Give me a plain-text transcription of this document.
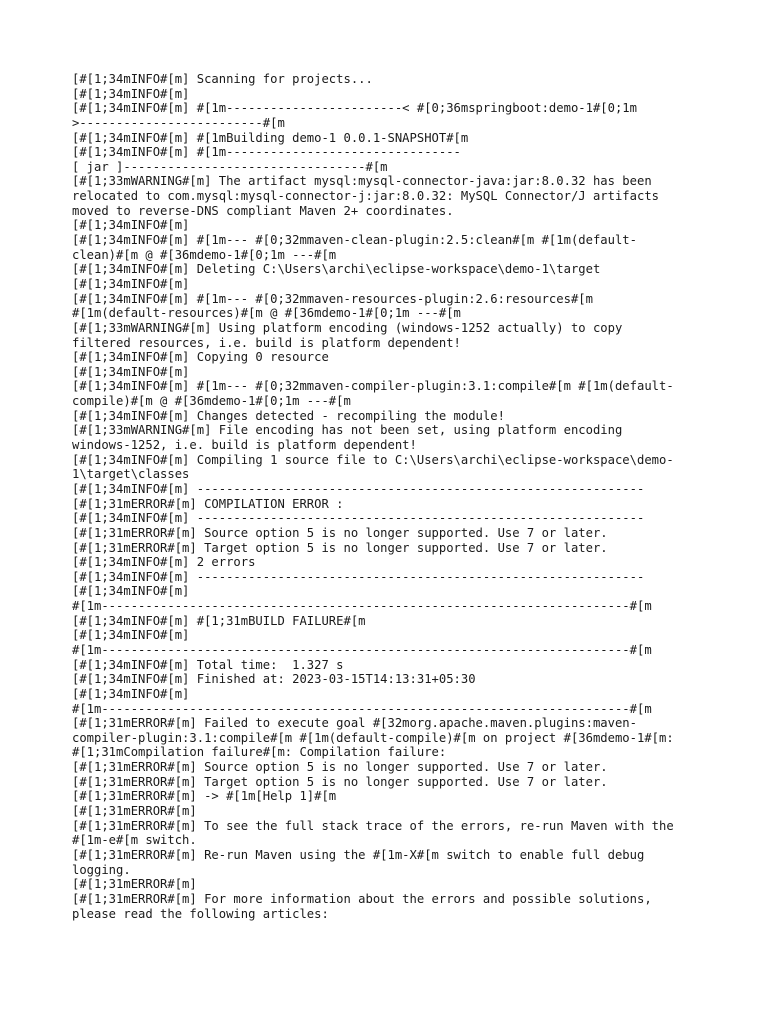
[#[1;34mINFO#[m] Scanning for projects...
[#[1;34mINFO#[m]
[#[1;34mINFO#[m] #[1m------------------------< #[0;36mspringboot:demo-1#[0;1m
>-------------------------#[m
[#[1;34mINFO#[m] #[1mBuilding demo-1 0.0.1-SNAPSHOT#[m
[#[1;34mINFO#[m] #[1m--------------------------------
[ jar ]---------------------------------#[m
[#[1;33mWARNING#[m] The artifact mysql:mysql-connector-java:jar:8.0.32 has been
relocated to com.mysql:mysql-connector-j:jar:8.0.32: MySQL Connector/J artifacts
moved to reverse-DNS compliant Maven 2+ coordinates.
[#[1;34mINFO#[m]
[#[1;34mINFO#[m] #[1m--- #[0;32mmaven-clean-plugin:2.5:clean#[m #[1m(default-
clean)#[m @ #[36mdemo-1#[0;1m ---#[m
[#[1;34mINFO#[m] Deleting C:\Users\archi\eclipse-workspace\demo-1\target
[#[1;34mINFO#[m]
[#[1;34mINFO#[m] #[1m--- #[0;32mmaven-resources-plugin:2.6:resources#[m
#[1m(default-resources)#[m @ #[36mdemo-1#[0;1m ---#[m
[#[1;33mWARNING#[m] Using platform encoding (windows-1252 actually) to copy
filtered resources, i.e. build is platform dependent!
[#[1;34mINFO#[m] Copying 0 resource
[#[1;34mINFO#[m]
[#[1;34mINFO#[m] #[1m--- #[0;32mmaven-compiler-plugin:3.1:compile#[m #[1m(default-
compile)#[m @ #[36mdemo-1#[0;1m ---#[m
[#[1;34mINFO#[m] Changes detected - recompiling the module!
[#[1;33mWARNING#[m] File encoding has not been set, using platform encoding
windows-1252, i.e. build is platform dependent!
[#[1;34mINFO#[m] Compiling 1 source file to C:\Users\archi\eclipse-workspace\demo-
1\target\classes
[#[1;34mINFO#[m] -------------------------------------------------------------
[#[1;31mERROR#[m] COMPILATION ERROR :
[#[1;34mINFO#[m] -------------------------------------------------------------
[#[1;31mERROR#[m] Source option 5 is no longer supported. Use 7 or later.
[#[1;31mERROR#[m] Target option 5 is no longer supported. Use 7 or later.
[#[1;34mINFO#[m] 2 errors
[#[1;34mINFO#[m] -------------------------------------------------------------
[#[1;34mINFO#[m]
#[1m------------------------------------------------------------------------#[m
[#[1;34mINFO#[m] #[1;31mBUILD FAILURE#[m
[#[1;34mINFO#[m]
#[1m------------------------------------------------------------------------#[m
[#[1;34mINFO#[m] Total time:  1.327 s
[#[1;34mINFO#[m] Finished at: 2023-03-15T14:13:31+05:30
[#[1;34mINFO#[m]
#[1m------------------------------------------------------------------------#[m
[#[1;31mERROR#[m] Failed to execute goal #[32morg.apache.maven.plugins:maven-
compiler-plugin:3.1:compile#[m #[1m(default-compile)#[m on project #[36mdemo-1#[m:
#[1;31mCompilation failure#[m: Compilation failure:
[#[1;31mERROR#[m] Source option 5 is no longer supported. Use 7 or later.
[#[1;31mERROR#[m] Target option 5 is no longer supported. Use 7 or later.
[#[1;31mERROR#[m] -> #[1m[Help 1]#[m
[#[1;31mERROR#[m]
[#[1;31mERROR#[m] To see the full stack trace of the errors, re-run Maven with the
#[1m-e#[m switch.
[#[1;31mERROR#[m] Re-run Maven using the #[1m-X#[m switch to enable full debug
logging.
[#[1;31mERROR#[m]
[#[1;31mERROR#[m] For more information about the errors and possible solutions,
please read the following articles:
